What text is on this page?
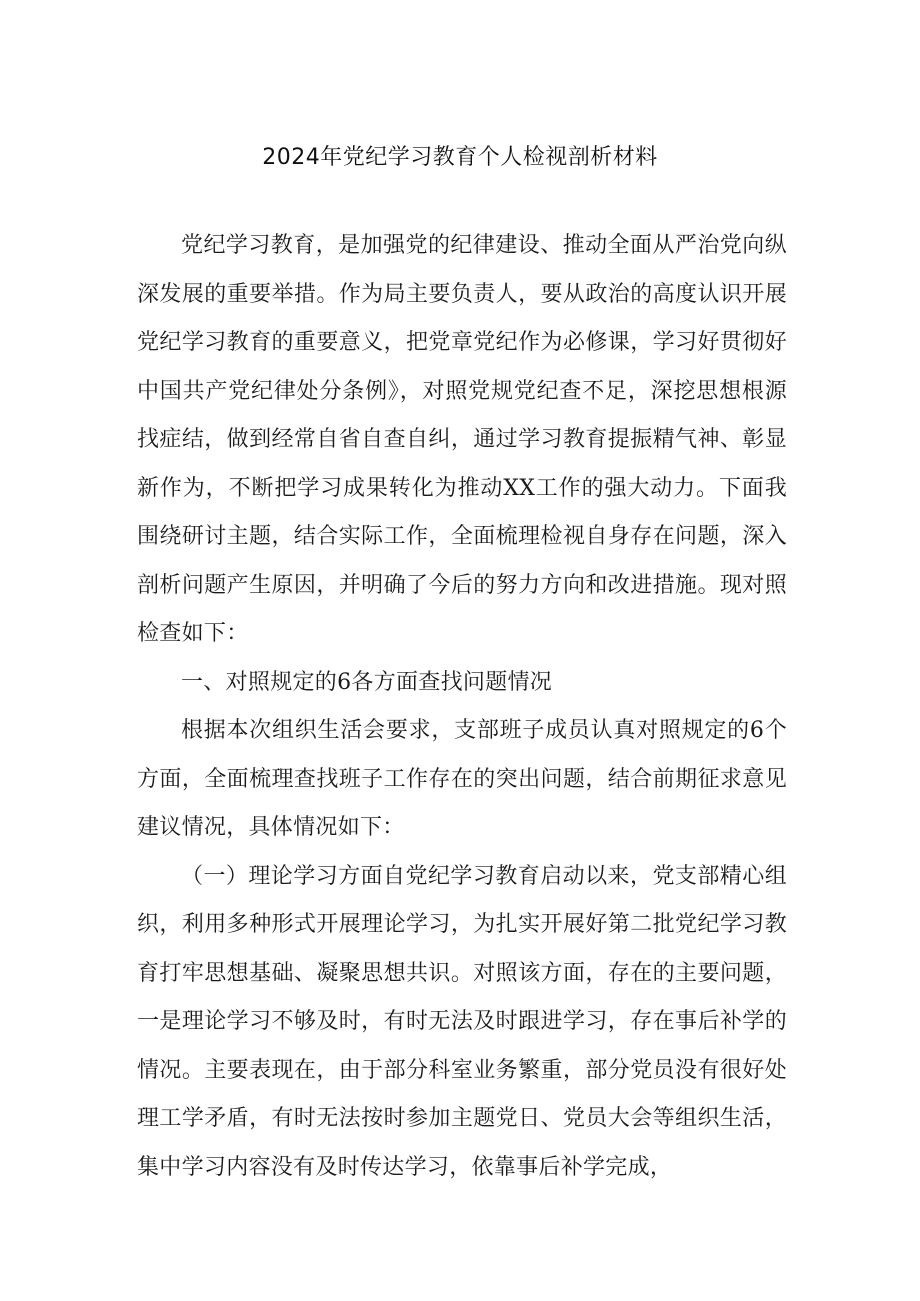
2024年党纪学习教育个人检视剖析材料

党纪学习教育，是加强党的纪律建设、推动全面从严治党向纵深发展的重要举措。作为局主要负责人，要从政治的高度认识开展党纪学习教育的重要意义，把党章党纪作为必修课，学习好贯彻好中国共产党纪律处分条例》，对照党规党纪查不足，深挖思想根源找症结，做到经常自省自查自纠，通过学习教育提振精气神、彰显新作为，不断把学习成果转化为推动XX工作的强大动力。下面我围绕研讨主题，结合实际工作，全面梳理检视自身存在问题，深入剖析问题产生原因，并明确了今后的努力方向和改进措施。现对照检查如下：

一、对照规定的6各方面查找问题情况

根据本次组织生活会要求，支部班子成员认真对照规定的6个方面，全面梳理查找班子工作存在的突出问题，结合前期征求意见建议情况，具体情况如下：

（一）理论学习方面自党纪学习教育启动以来，党支部精心组织，利用多种形式开展理论学习，为扎实开展好第二批党纪学习教育打牢思想基础、凝聚思想共识。对照该方面，存在的主要问题，一是理论学习不够及时，有时无法及时跟进学习，存在事后补学的情况。主要表现在，由于部分科室业务繁重，部分党员没有很好处理工学矛盾，有时无法按时参加主题党日、党员大会等组织生活，集中学习内容没有及时传达学习，依靠事后补学完成，
